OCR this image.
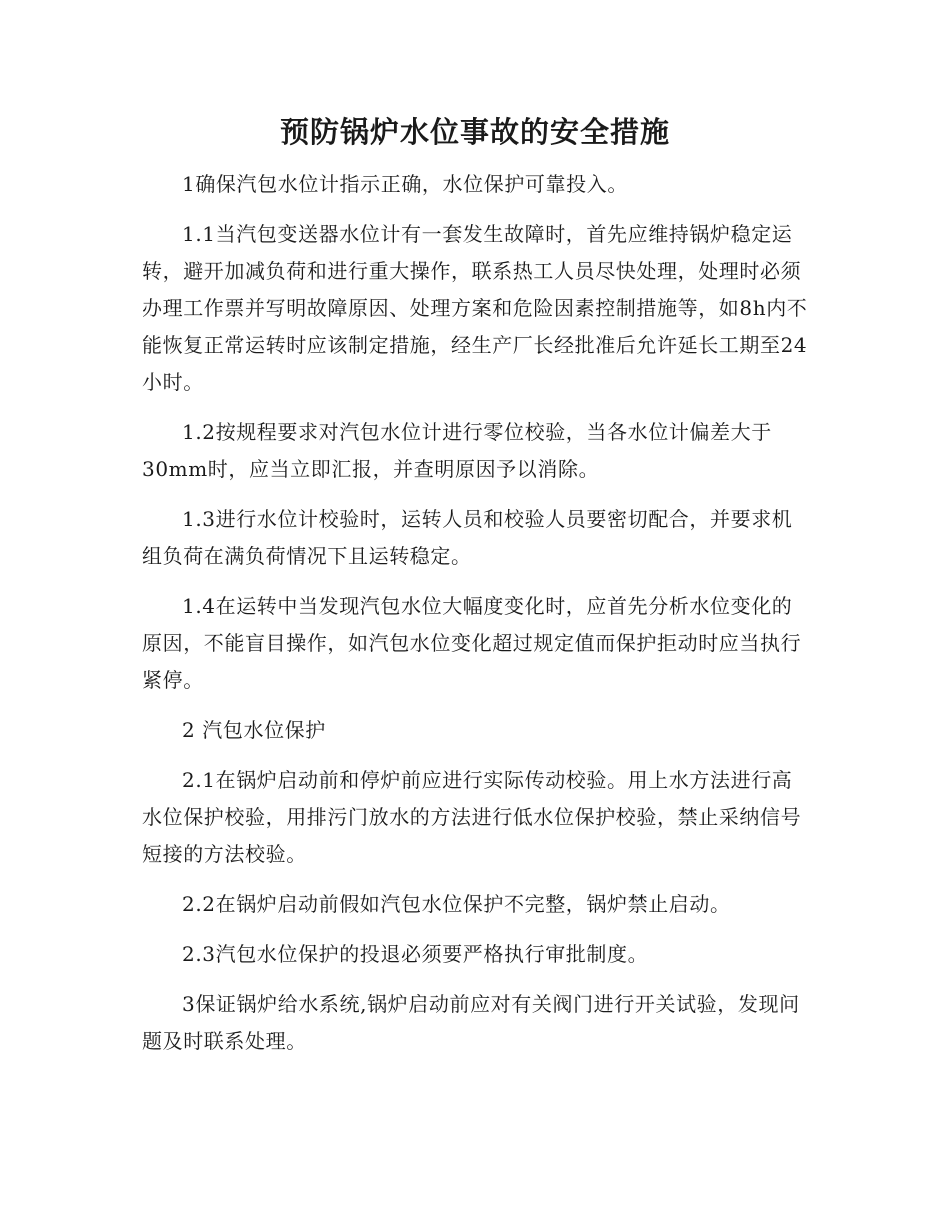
预防锅炉水位事故的安全措施

1确保汽包水位计指示正确，水位保护可靠投入。

1.1当汽包变送器水位计有一套发生故障时，首先应维持锅炉稳定运转，避开加减负荷和进行重大操作，联系热工人员尽快处理，处理时必须办理工作票并写明故障原因、处理方案和危险因素控制措施等，如8h内不能恢复正常运转时应该制定措施，经生产厂长经批准后允许延长工期至24小时。

1.2按规程要求对汽包水位计进行零位校验，当各水位计偏差大于30mm时，应当立即汇报，并查明原因予以消除。

1.3进行水位计校验时，运转人员和校验人员要密切配合，并要求机组负荷在满负荷情况下且运转稳定。

1.4在运转中当发现汽包水位大幅度变化时，应首先分析水位变化的原因，不能盲目操作，如汽包水位变化超过规定值而保护拒动时应当执行紧停。

2 汽包水位保护

2.1在锅炉启动前和停炉前应进行实际传动校验。用上水方法进行高水位保护校验，用排污门放水的方法进行低水位保护校验，禁止采纳信号短接的方法校验。

2.2在锅炉启动前假如汽包水位保护不完整，锅炉禁止启动。

2.3汽包水位保护的投退必须要严格执行审批制度。

3保证锅炉给水系统,锅炉启动前应对有关阀门进行开关试验，发现问题及时联系处理。
